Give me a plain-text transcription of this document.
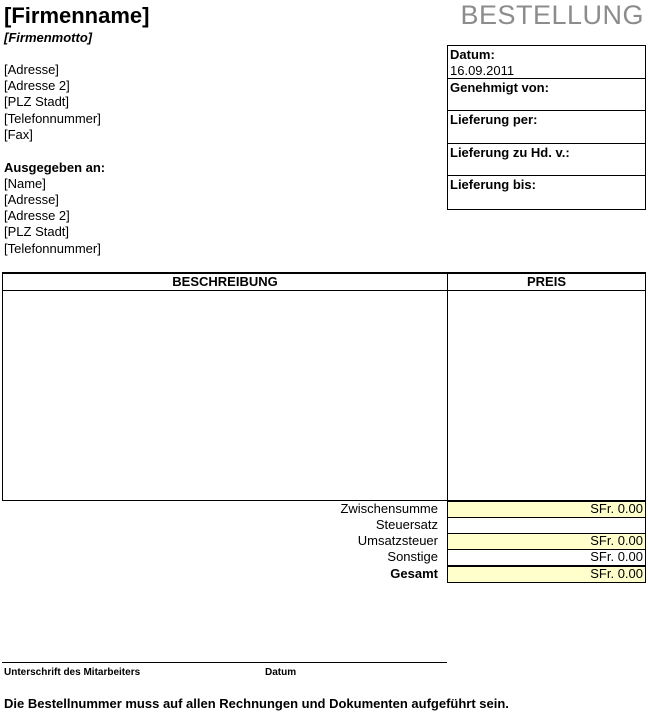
[Firmenname]
[Firmenmotto]
BESTELLUNG
[Adresse]
[Adresse 2]
[PLZ Stadt]
[Telefonnummer]
[Fax]
Ausgegeben an:
[Name]
[Adresse]
[Adresse 2]
[PLZ Stadt]
[Telefonnummer]
Datum:
16.09.2011
Genehmigt von:
Lieferung per:
Lieferung zu Hd. v.:
Lieferung bis:
BESCHREIBUNG	PREIS
Zwischensumme	SFr. 0.00
Steuersatz
Umsatzsteuer	SFr. 0.00
Sonstige	SFr. 0.00
Gesamt	SFr. 0.00
Unterschrift des Mitarbeiters	Datum
Die Bestellnummer muss auf allen Rechnungen und Dokumenten aufgeführt sein.
